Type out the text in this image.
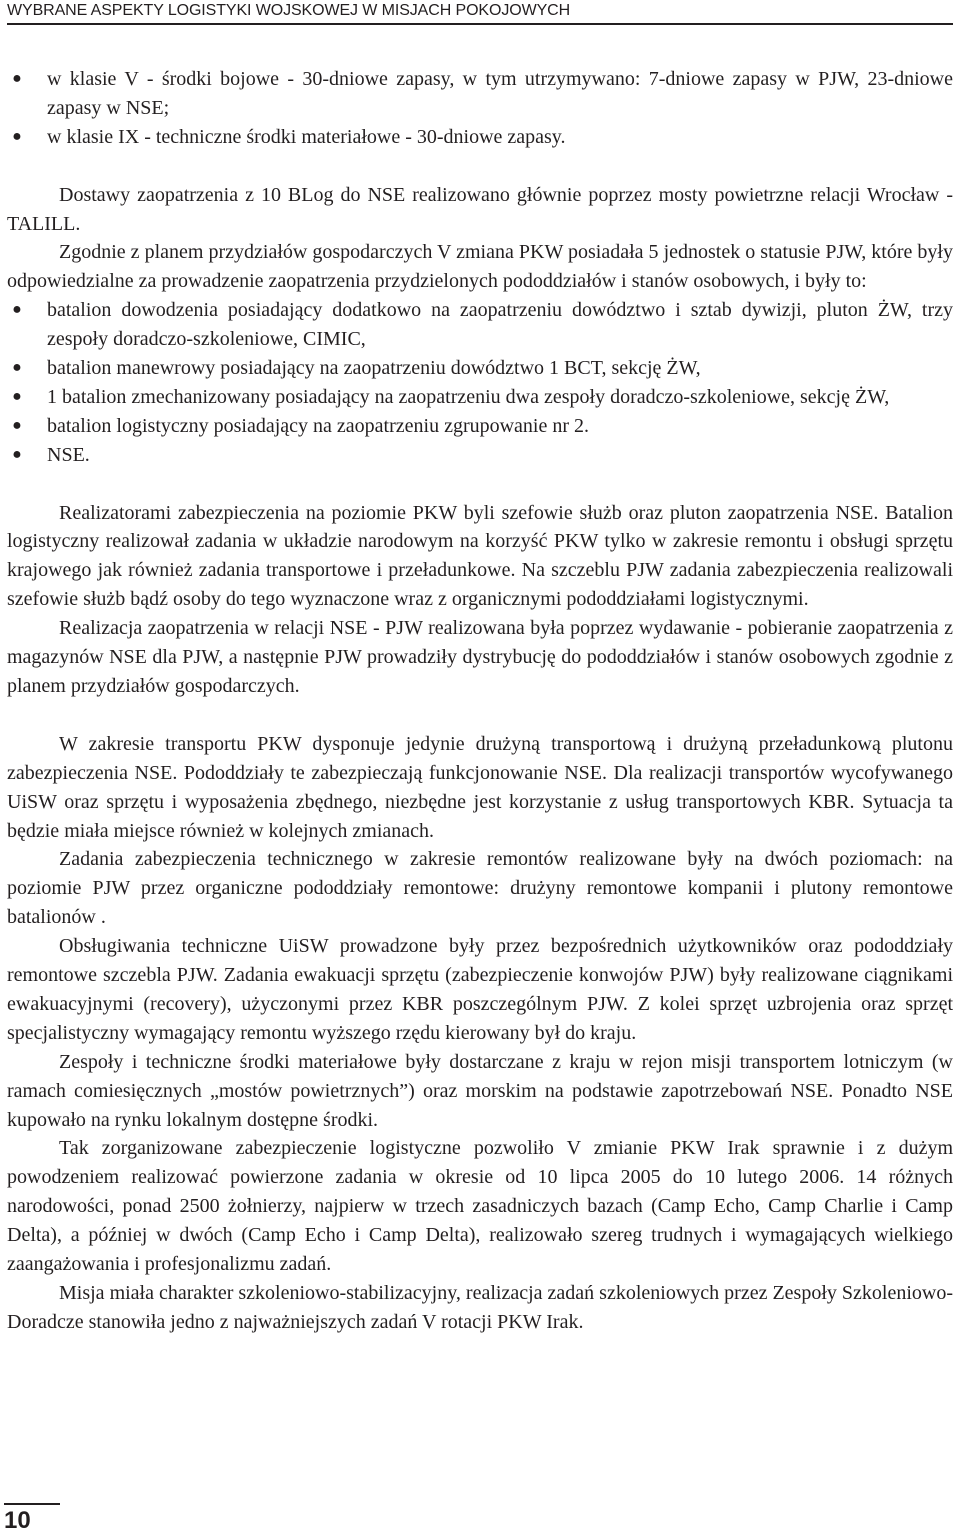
WYBRANE ASPEKTY LOGISTYKI WOJSKOWEJ W MISJACH POKOJOWYCH
● w klasie V - środki bojowe - 30-dniowe zapasy, w tym utrzymywano: 7-dniowe zapasy w PJW, 23-dniowe zapasy w NSE;
● w klasie IX - techniczne środki materiałowe - 30-dniowe zapasy.

Dostawy zaopatrzenia z 10 BLog do NSE realizowano głównie poprzez mosty powietrzne relacji Wrocław - TALILL.

Zgodnie z planem przydziałów gospodarczych V zmiana PKW posiadała 5 jednostek o statusie PJW, które były odpowiedzialne za prowadzenie zaopatrzenia przydzielonych pododdziałów i stanów osobowych, i były to:

● batalion dowodzenia posiadający dodatkowo na zaopatrzeniu dowództwo i sztab dywizji, pluton ŻW, trzy zespoły doradczo-szkoleniowe, CIMIC,
● batalion manewrowy posiadający na zaopatrzeniu dowództwo 1 BCT, sekcję ŻW,
● 1 batalion zmechanizowany posiadający na zaopatrzeniu dwa zespoły doradczo-szkoleniowe, sekcję ŻW,
● batalion logistyczny posiadający na zaopatrzeniu zgrupowanie nr 2.
● NSE.

Realizatorami zabezpieczenia na poziomie PKW byli szefowie służb oraz pluton zaopatrzenia NSE. Batalion logistyczny realizował zadania w układzie narodowym na korzyść PKW tylko w zakresie remontu i obsługi sprzętu krajowego jak również zadania transportowe i przeładunkowe. Na szczeblu PJW zadania zabezpieczenia realizowali szefowie służb bądź osoby do tego wyznaczone wraz z organicznymi pododdziałami logistycznymi.

Realizacja zaopatrzenia w relacji NSE - PJW realizowana była poprzez wydawanie - pobieranie zaopatrzenia z magazynów NSE dla PJW, a następnie PJW prowadziły dystrybucję do pododdziałów i stanów osobowych zgodnie z planem przydziałów gospodarczych.

W zakresie transportu PKW dysponuje jedynie drużyną transportową i drużyną przeładunkową plutonu zabezpieczenia NSE. Pododdziały te zabezpieczają funkcjonowanie NSE. Dla realizacji transportów wycofywanego UiSW oraz sprzętu i wyposażenia zbędnego, niezbędne jest korzystanie z usług transportowych KBR. Sytuacja ta będzie miała miejsce również w kolejnych zmianach.

Zadania zabezpieczenia technicznego w zakresie remontów realizowane były na dwóch poziomach: na poziomie PJW przez organiczne pododdziały remontowe: drużyny remontowe kompanii i plutony remontowe batalionów .

Obsługiwania techniczne UiSW prowadzone były przez bezpośrednich użytkowników oraz pododdziały remontowe szczebla PJW. Zadania ewakuacji sprzętu (zabezpieczenie konwojów PJW) były realizowane ciągnikami ewakuacyjnymi (recovery), użyczonymi przez KBR poszczególnym PJW. Z kolei sprzęt uzbrojenia oraz sprzęt specjalistyczny wymagający remontu wyższego rzędu kierowany był do kraju.

Zespoły i techniczne środki materiałowe były dostarczane z kraju w rejon misji transportem lotniczym (w ramach comiesięcznych „mostów powietrznych”) oraz morskim na podstawie zapotrzebowań NSE. Ponadto NSE kupowało na rynku lokalnym dostępne środki.

Tak zorganizowane zabezpieczenie logistyczne pozwoliło V zmianie PKW Irak sprawnie i z dużym powodzeniem realizować powierzone zadania w okresie od 10 lipca 2005 do 10 lutego 2006. 14 różnych narodowości, ponad 2500 żołnierzy, najpierw w trzech zasadniczych bazach (Camp Echo, Camp Charlie i Camp Delta), a później w dwóch (Camp Echo i Camp Delta), realizowało szereg trudnych i wymagających wielkiego zaangażowania i profesjonalizmu zadań.

Misja miała charakter szkoleniowo-stabilizacyjny, realizacja zadań szkoleniowych przez Zespoły Szkoleniowo-Doradcze stanowiła jedno z najważniejszych zadań V rotacji PKW Irak.

10
